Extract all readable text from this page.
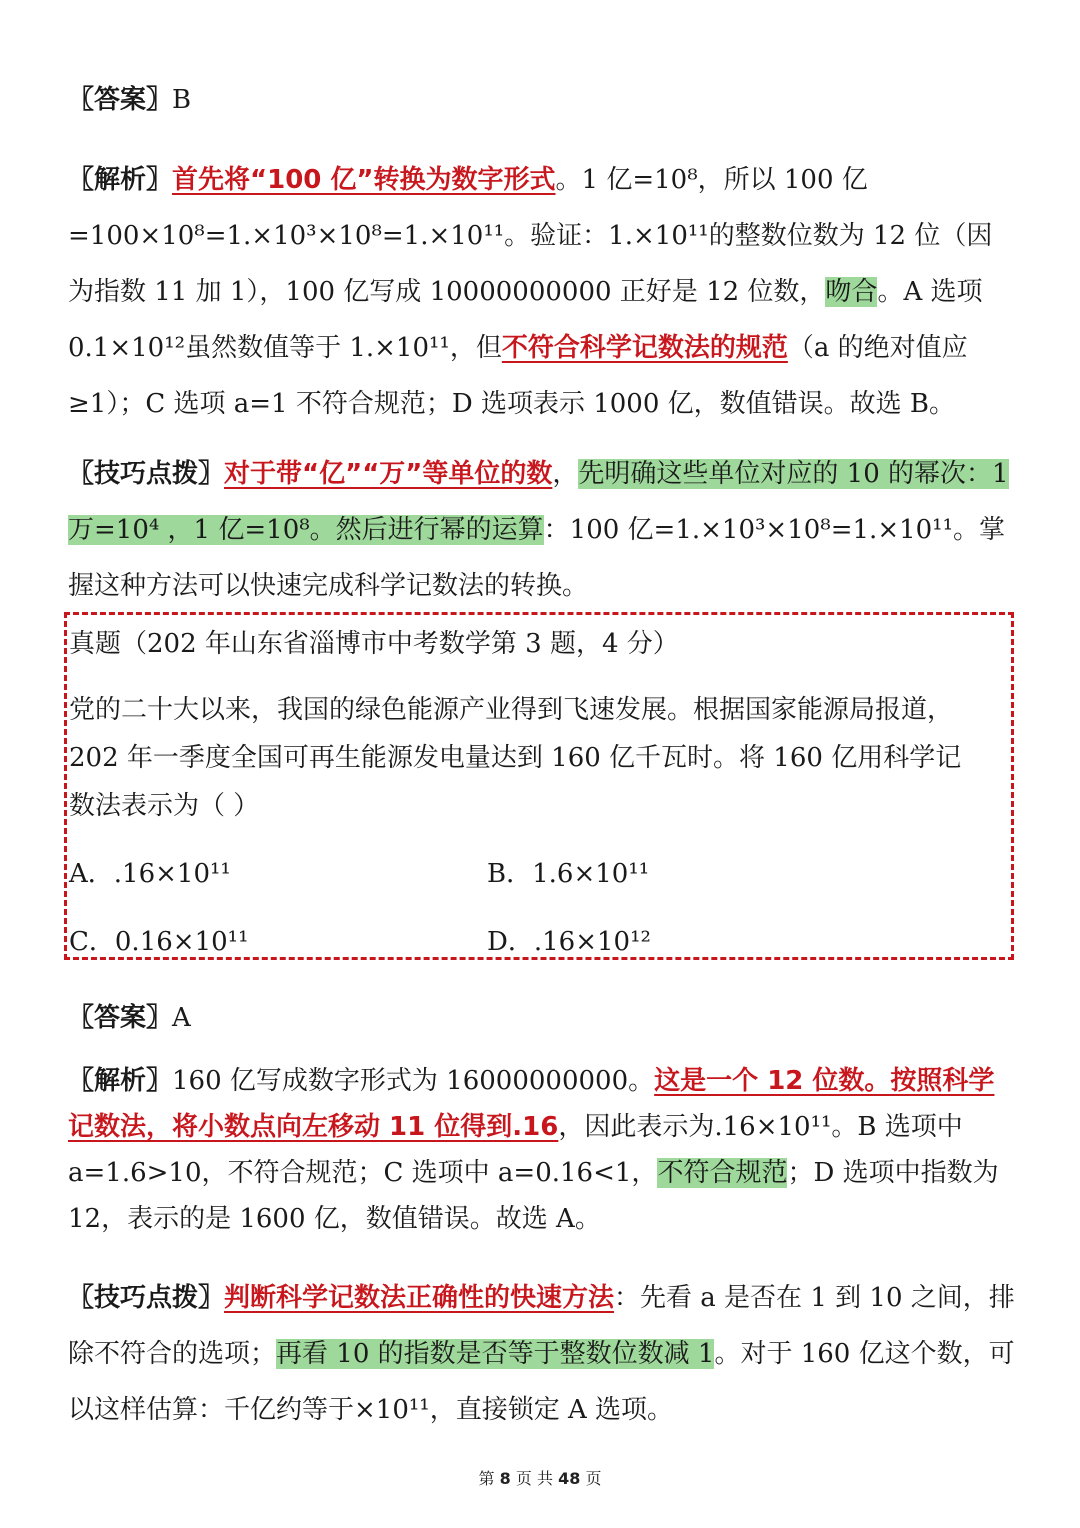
〖答案〗B

〖解析〗首先将“100 亿”转换为数字形式。1 亿=10⁸，所以 100 亿=100×10⁸=1.×10³×10⁸=1.×10¹¹。验证：1.×10¹¹的整数位数为 12 位（因为指数 11 加 1），100 亿写成 10000000000 正好是 12 位数，吻合。A 选项 0.1×10¹²虽然数值等于 1.×10¹¹，但不符合科学记数法的规范（a 的绝对值应≥1）；C 选项 a=1 不符合规范；D 选项表示 1000 亿，数值错误。故选 B。

〖技巧点拨〗对于带“亿”“万”等单位的数，先明确这些单位对应的 10 的幂次：1 万=10⁴ ，1 亿=10⁸。然后进行幂的运算：100 亿=1.×10³×10⁸=1.×10¹¹。掌握这种方法可以快速完成科学记数法的转换。

真题（202 年山东省淄博市中考数学第 3 题，4 分）
党的二十大以来，我国的绿色能源产业得到飞速发展。根据国家能源局报道，
202 年一季度全国可再生能源发电量达到 160 亿千瓦时。将 160 亿用科学记
数法表示为（ ）
A．.16×10¹¹	B．1.6×10¹¹
C．0.16×10¹¹	D．.16×10¹²

〖答案〗A

〖解析〗160 亿写成数字形式为 16000000000。这是一个 12 位数。按照科学记数法，将小数点向左移动 11 位得到.16，因此表示为.16×10¹¹。B 选项中 a=1.6>10，不符合规范；C 选项中 a=0.16<1，不符合规范；D 选项中指数为 12，表示的是 1600 亿，数值错误。故选 A。

〖技巧点拨〗判断科学记数法正确性的快速方法：先看 a 是否在 1 到 10 之间，排除不符合的选项；再看 10 的指数是否等于整数位数减 1。对于 160 亿这个数，可以这样估算：千亿约等于×10¹¹，直接锁定 A 选项。

第 8 页 共 48 页
